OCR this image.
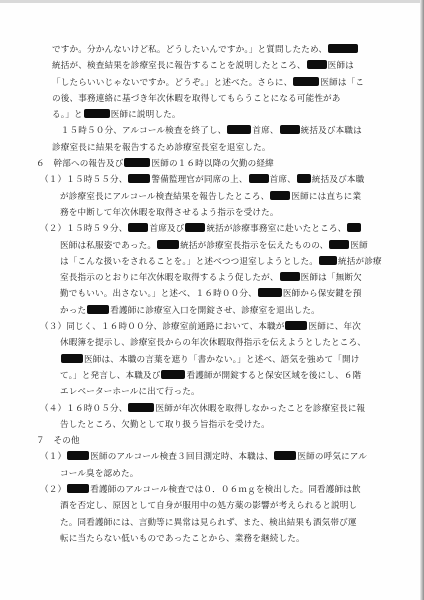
ですか。分かんないけど私。どうしたいんですか。」と質問したため、
統括が、検査結果を診療室長に報告することを説明したところ、	医師は
「したらいいじゃないですか。どうぞ。」と述べた。さらに、	医師は「こ
の後、事務連絡に基づき年次休暇を取得してもらうことになる可能性があ
る。」と	医師に説明した。
　１５時５０分、アルコール検査を終了し、	首席、	統括及び本職は
診療室長に結果を報告するため診療室長室を退室した。
６　幹部への報告及び	医師の１６時以降の欠勤の経緯
（１）１５時５５分、	警備監理官が同席の上、	首席、 統括及び本職
が診療室長にアルコール検査結果を報告したところ、	医師には直ちに業
務を中断して年次休暇を取得させるよう指示を受けた。
（２）１５時５９分、	首席及び	統括が診療事務室に赴いたところ、
医師は私服姿であった。	統括が診療室長指示を伝えたものの、	医師
は「こんな扱いをされることを。」と述べつつ退室しようとした。 統括が診療
室長指示のとおりに年次休暇を取得するよう促したが、	医師は「無断欠
勤でもいい。出さない。」と述べ、１６時００分、	医師から保安鍵を預
かった	看護師に診療室入口を開錠させ、診療室を退出した。
（３）同じく、１６時００分、診療室前通路において、本職が	医師に、年次
休暇簿を提示し、診療室長からの年次休暇取得指示を伝えようとしたところ、
医師は、本職の言葉を遮り「書かない。」と述べ、語気を強めて「開け
て。」と発言し、本職及び	看護師が開錠すると保安区域を後にし、６階
エレベーターホールに出て行った。
（４）１６時０５分、	医師が年次休暇を取得しなかったことを診療室長に報
告したところ、欠勤として取り扱う旨指示を受けた。
７　その他
（１）	医師のアルコール検査３回目測定時、本職は、	医師の呼気にアル
コール臭を認めた。
（２）	看護師のアルコール検査では０．０６ｍｇを検出した。同看護師は飲
酒を否定し、原因として自身が服用中の処方薬の影響が考えられると説明し
た。同看護師には、言動等に異常は見られず、また、検出結果も酒気帯び運
転に当たらない低いものであったことから、業務を継続した。
